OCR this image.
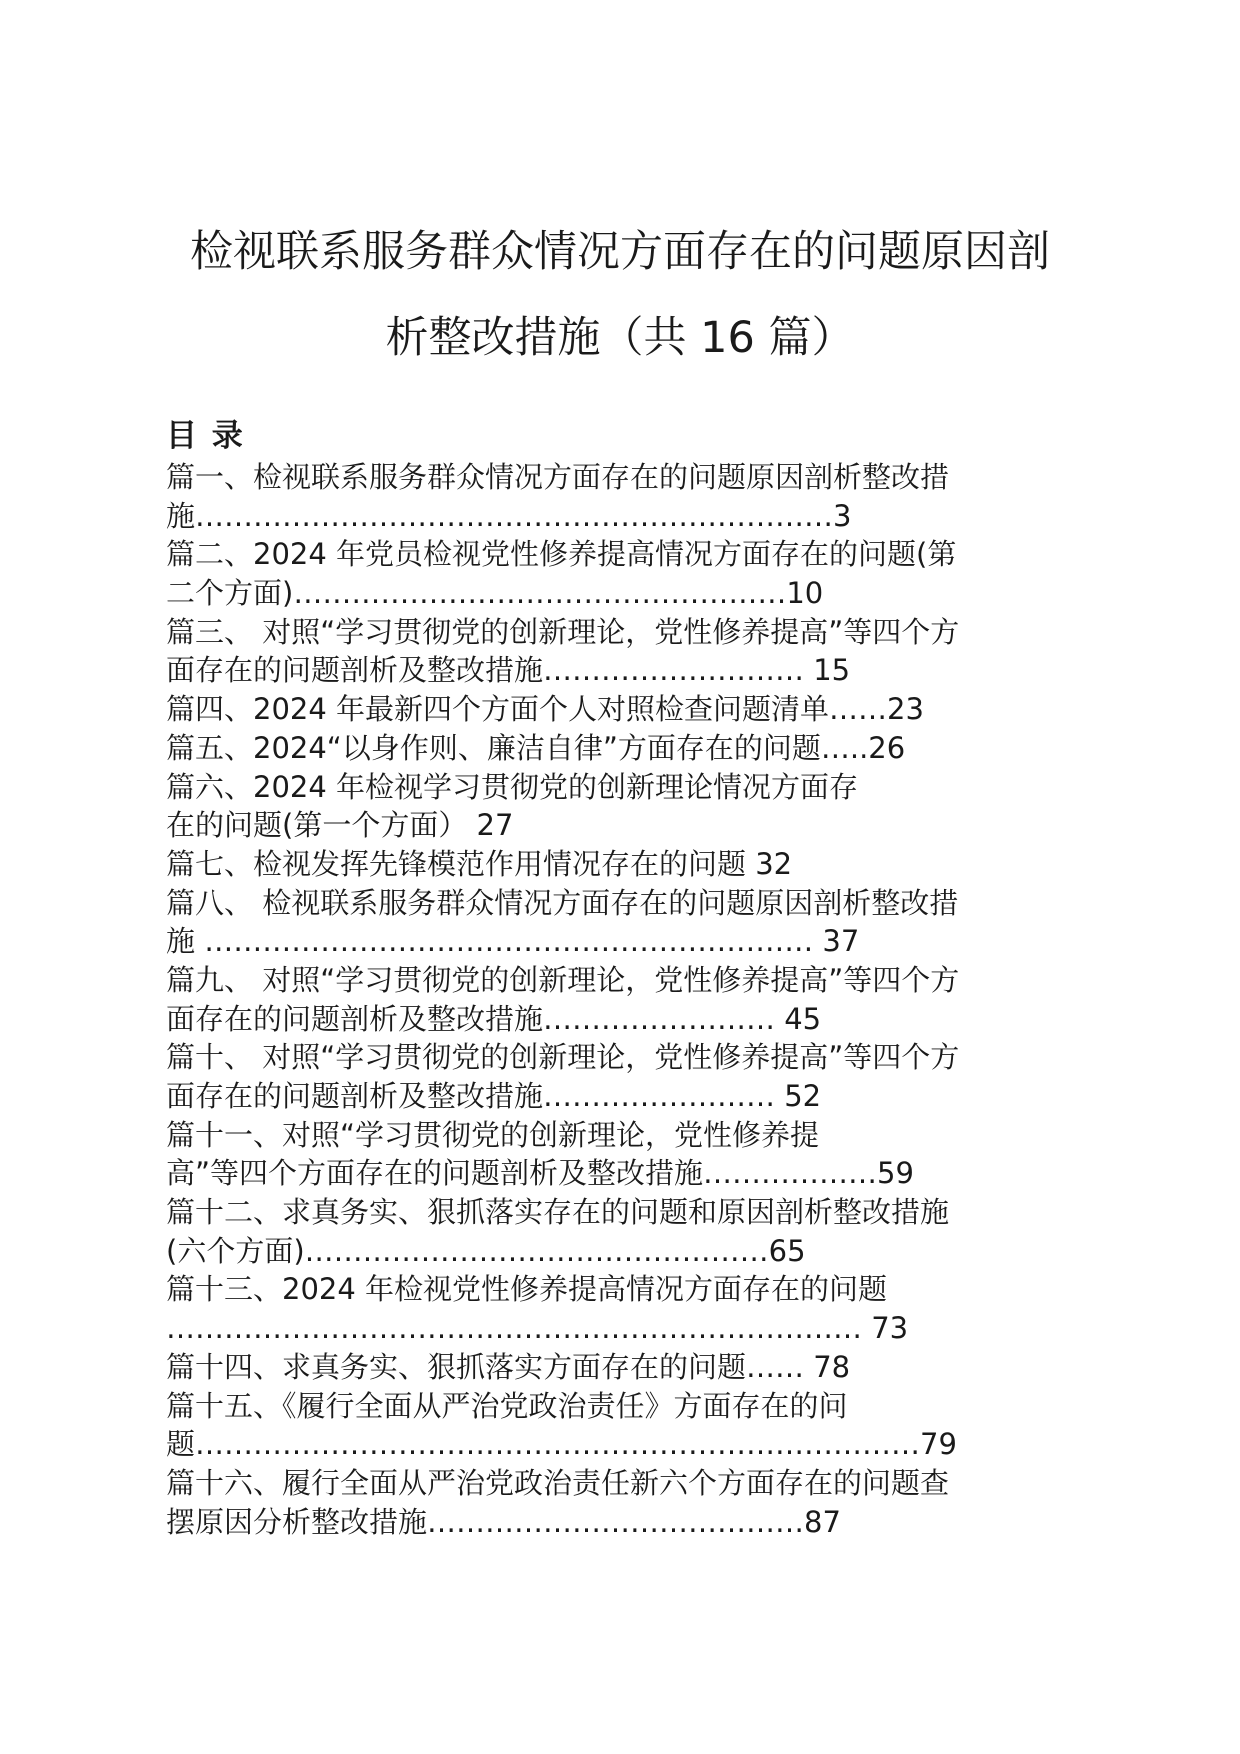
检视联系服务群众情况方面存在的问题原因剖
析整改措施（共 16 篇）
目 录
篇一、检视联系服务群众情况方面存在的问题原因剖析整改措
施…………………………………………………………3
篇二、2024 年党员检视党性修养提高情况方面存在的问题(第
二个方面)……………………………………………10
篇三、 对照“学习贯彻党的创新理论，党性修养提高”等四个方
面存在的问题剖析及整改措施……………………… 15
篇四、2024 年最新四个方面个人对照检查问题清单……23
篇五、2024“以身作则、廉洁自律”方面存在的问题…..26
篇六、2024 年检视学习贯彻党的创新理论情况方面存
在的问题(第一个方面） 27
篇七、检视发挥先锋模范作用情况存在的问题 32
篇八、 检视联系服务群众情况方面存在的问题原因剖析整改措
施 ……………………………………………………… 37
篇九、 对照“学习贯彻党的创新理论，党性修养提高”等四个方
面存在的问题剖析及整改措施…………………… 45
篇十、 对照“学习贯彻党的创新理论，党性修养提高”等四个方
面存在的问题剖析及整改措施…………………… 52
篇十一、对照“学习贯彻党的创新理论，党性修养提
高”等四个方面存在的问题剖析及整改措施………………59
篇十二、求真务实、狠抓落实存在的问题和原因剖析整改措施
(六个方面)…………………………………………65
篇十三、2024 年检视党性修养提高情况方面存在的问题
……………………………………………………………… 73
篇十四、求真务实、狠抓落实方面存在的问题…… 78
篇十五、《履行全面从严治党政治责任》方面存在的问
题…………………………………………………………………79
篇十六、履行全面从严治党政治责任新六个方面存在的问题查
摆原因分析整改措施…………………………………87
